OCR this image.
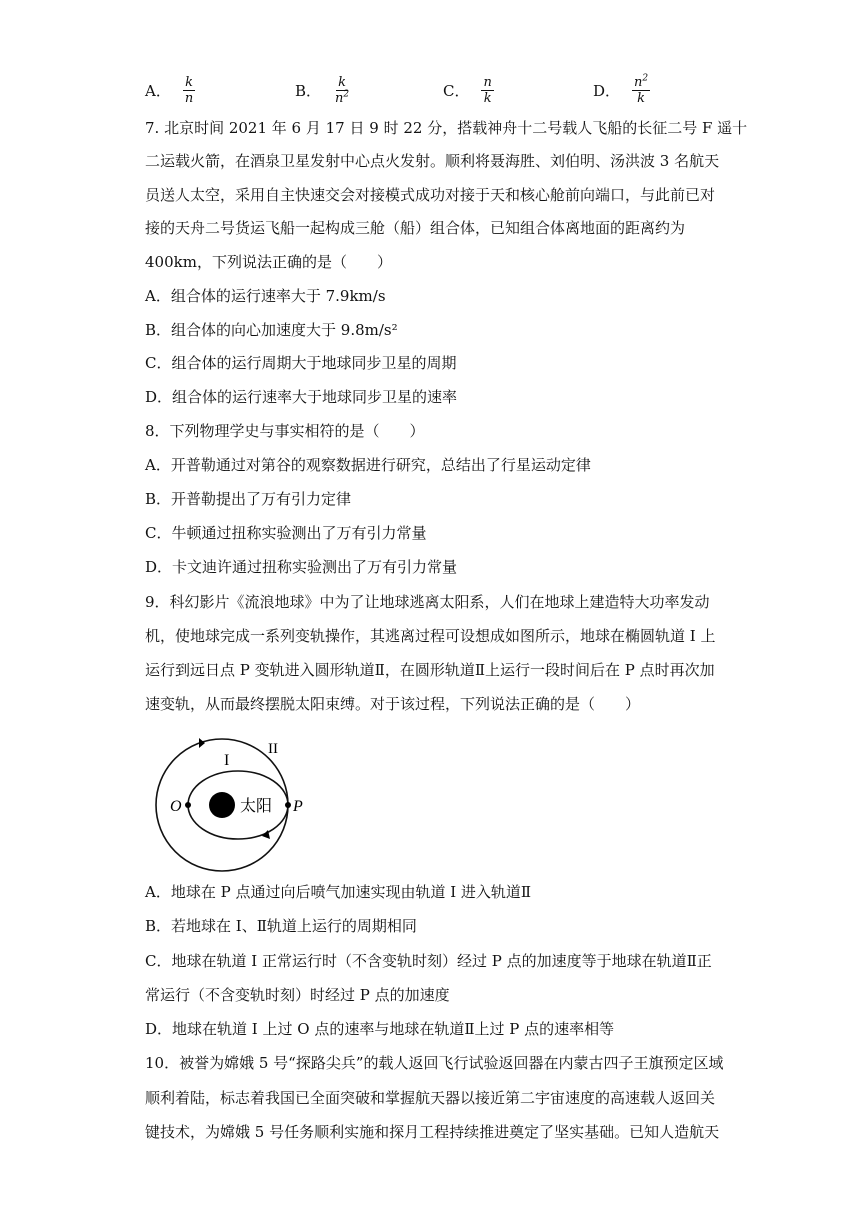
A． $\frac{k}{n}$	B． $\frac{k}{n^2}$	C． $\frac{n}{k}$	D． $\frac{n^2}{k}$
7. 北京时间 2021 年 6 月 17 日 9 时 22 分，搭载神舟十二号载人飞船的长征二号 F 遥十
二运载火箭，在酒泉卫星发射中心点火发射。顺利将聂海胜、刘伯明、汤洪波 3 名航天
员送人太空，采用自主快速交会对接模式成功对接于天和核心舱前向端口，与此前已对
接的天舟二号货运飞船一起构成三舱（船）组合体，已知组合体离地面的距离约为
400km，下列说法正确的是（　　）
A．组合体的运行速率大于 7.9km/s
B．组合体的向心加速度大于 9.8m/s²
C．组合体的运行周期大于地球同步卫星的周期
D．组合体的运行速率大于地球同步卫星的速率
8．下列物理学史与事实相符的是（　　）
A．开普勒通过对第谷的观察数据进行研究，总结出了行星运动定律
B．开普勒提出了万有引力定律
C．牛顿通过扭称实验测出了万有引力常量
D．卡文迪许通过扭称实验测出了万有引力常量
9．科幻影片《流浪地球》中为了让地球逃离太阳系，人们在地球上建造特大功率发动
机，使地球完成一系列变轨操作，其逃离过程可设想成如图所示，地球在椭圆轨道 I 上
运行到远日点 P 变轨进入圆形轨道Ⅱ，在圆形轨道Ⅱ上运行一段时间后在 P 点时再次加
速变轨，从而最终摆脱太阳束缚。对于该过程，下列说法正确的是（　　）
I
II
太阳
O	P
A．地球在 P 点通过向后喷气加速实现由轨道 I 进入轨道Ⅱ
B．若地球在 I、Ⅱ轨道上运行的周期相同
C．地球在轨道 I 正常运行时（不含变轨时刻）经过 P 点的加速度等于地球在轨道Ⅱ正
常运行（不含变轨时刻）时经过 P 点的加速度
D．地球在轨道 I 上过 O 点的速率与地球在轨道Ⅱ上过 P 点的速率相等
10．被誉为嫦娥 5 号“探路尖兵”的载人返回飞行试验返回器在内蒙古四子王旗预定区域
顺利着陆，标志着我国已全面突破和掌握航天器以接近第二宇宙速度的高速载人返回关
键技术，为嫦娥 5 号任务顺利实施和探月工程持续推进奠定了坚实基础。已知人造航天
